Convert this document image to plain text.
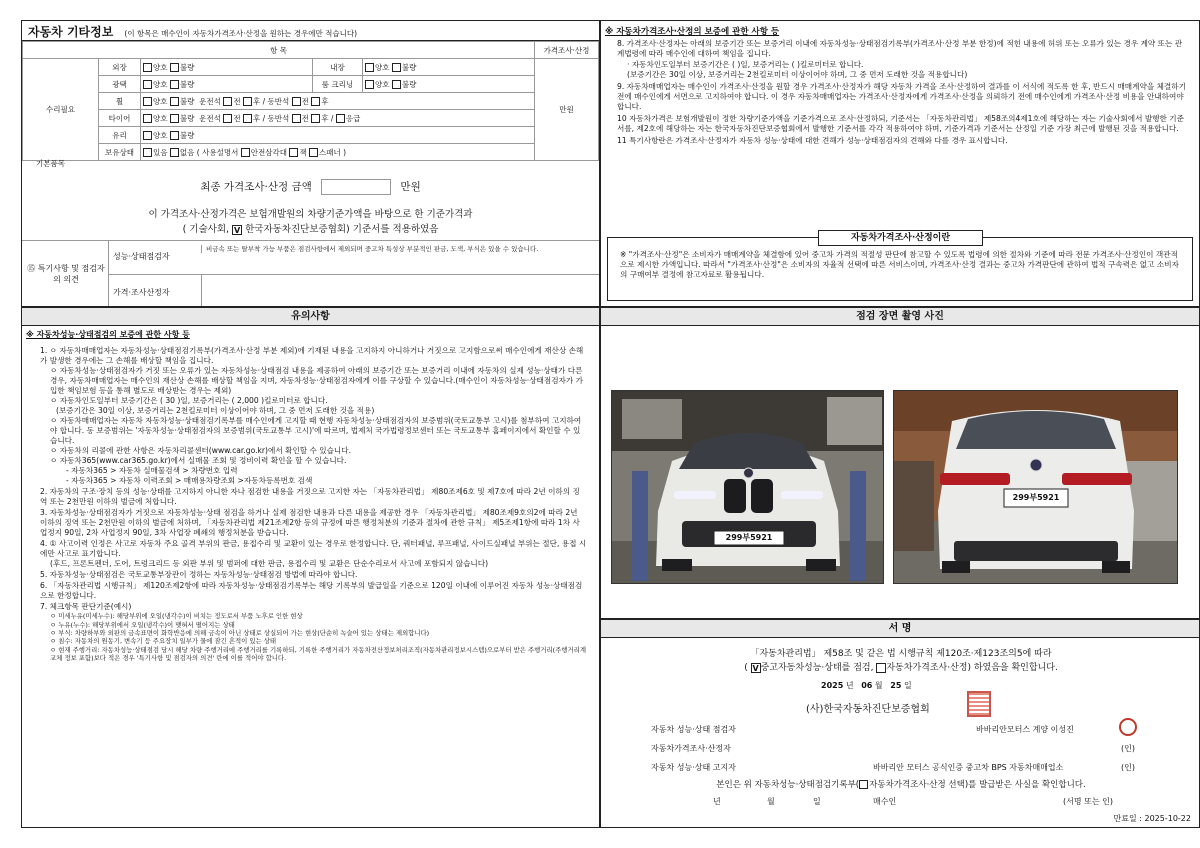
자동차 기타정보 (이 항목은 매수인이 자동차가격조사·산정을 원하는 경우에만 적습니다)
항 목					가격조사·산정
수리필요	외장	양호 불량	내장	양호 불량	만원
	광택	양호 불량	룸 크리닝	양호 불량	
	휠	양호 불량 운전석 전 후 / 동반석 전 후			
	타이어	양호 불량 운전석 전 후 / 동반석 전 후 / 응급			
	유리	양호 불량			
	보유상태	있음 없음 ( 사용설명서 안전삼각대 잭 스패너 )			
기본품목
최종 가격조사·산정 금액	만원
이 가격조사·산정가격은 보험개발원의 차량기준가액을 바탕으로 한 기준가격과
( 기술사회, V 한국자동차진단보증협회) 기준서를 적용하였음
⑮ 특기사항 및 점검자의 의견
성능·상태점검자
비금속 또는 탈부착 가능 부품은 점검사항에서 제외되며 중고차 특성상 부분적인 판금, 도색, 부식은 있을 수 있습니다.
가격·조사산정자
※ 자동차가격조사·산정의 보증에 관한 사항 등
8. 가격조사·산정자는 아래의 보증기간 또는 보증거리 이내에 자동차성능·상태점검기록부(가격조사·산정 부분 한정)에 적힌 내용에 허위 또는 오류가 있는 경우 계약 또는 관계법령에 따라 매수인에 대하여 책임을 집니다.
· 자동차인도일부터 보증기간은 ( )일, 보증거리는 ( )킬로미터로 합니다.
(보증기간은 30일 이상, 보증거리는 2천킬로미터 이상이어야 하며, 그 중 먼저 도래한 것을 적용합니다)
9. 자동차매매업자는 매수인이 가격조사·산정을 원할 경우 가격조사·산정자가 해당 자동차 가격을 조사·산정하여 결과를 이 서식에 적도록 한 후, 반드시 매매계약을 체결하기 전에 매수인에게 서면으로 고지하여야 합니다. 이 경우 자동차매매업자는 가격조사·산정자에게 가격조사·산정을 의뢰하기 전에 매수인에게 가격조사·산정 비용을 안내하여야 합니다.
10 자동차가격은 보험개발원이 정한 차량기준가액을 기준가격으로 조사·산정하되, 기준서는 「자동차관리법」 제58조의4제1호에 해당하는 자는 기술사회에서 발행한 기준서를, 제2호에 해당하는 자는 한국자동차진단보증협회에서 발행한 기준서를 각각 적용하여야 하며, 기준가격과 기준서는 산정일 기준 가장 최근에 발행된 것을 적용합니다.
11 특기사항란은 가격조사·산정자가 자동차 성능·상태에 대한 견해가 성능·상태점검자의 견해와 다를 경우 표시합니다.
자동차가격조사·산정이란
※ "가격조사·산정"은 소비자가 매매계약을 체결함에 있어 중고차 가격의 적절성 판단에 참고할 수 있도록 법령에 의한 절차와 기준에 따라 전문 가격조사·산정인이 객관적으로 제시한 가액입니다. 따라서 "가격조사·산정"은 소비자의 자율적 선택에 따른 서비스이며, 가격조사·산정 결과는 중고차 가격판단에 관하여 법적 구속력은 없고 소비자의 구매여부 결정에 참고자료로 활용됩니다.
유의사항
※ 자동차성능·상태점검의 보증에 관한 사항 등
1. ㅇ 자동차매매업자는 자동차성능·상태점검기록부(가격조사·산정 부분 제외)에 기재된 내용을 고지하지 아니하거나 거짓으로 고지함으로써 매수인에게 재산상 손해가 발생한 경우에는 그 손해를 배상할 책임을 집니다.
ㅇ 자동차성능·상태점검자가 거짓 또는 오류가 있는 자동차성능·상태점검 내용을 제공하여 아래의 보증기간 또는 보증거리 이내에 자동차의 실제 성능·상태가 다른 경우, 자동차매매업자는 매수인의 재산상 손해를 배상할 책임을 지며, 자동차성능·상태점검자에게 이를 구상할 수 있습니다.(매수인이 자동차성능·상태점검자가 가입한 책임보험 등을 통해 별도로 배상받는 경우는 제외)
ㅇ 자동차인도일부터 보증기간은 ( 30 )일, 보증거리는 ( 2,000 )킬로미터로 합니다.
(보증기간은 30일 이상, 보증거리는 2천킬로미터 이상이어야 하며, 그 중 먼저 도래한 것을 적용)
ㅇ 자동차매매업자는 자동차 자동차성능·상태점검기록부를 매수인에게 고지할 때 현행 자동차성능·상태점검자의 보증범위(국토교통부 고시)를 첨부하여 고지하여야 합니다. 동 보증범위는 '자동차성능·상태점검자의 보증범위(국토교통부 고시)'에 따르며, 법제처 국가법령정보센터 또는 국토교통부 홈페이지에서 확인할 수 있습니다.
ㅇ 자동차의 리콜에 관한 사항은 자동차리콜센터(www.car.go.kr)에서 확인할 수 있습니다.
ㅇ 자동차365(www.car365.go.kr)에서 실매물 조회 및 정비이력 확인을 할 수 있습니다.
- 자동차365 > 자동차 실매물검색 > 차량번호 입력
- 자동차365 > 자동차 이력조회 > 매매용차량조회 >자동차등록번호 검색
2. 자동차의 구조·장치 등의 성능·상태를 고지하지 아니한 자나 점검한 내용을 거짓으로 고지한 자는 「자동차관리법」 제80조제6호 및 제7호에 따라 2년 이하의 징역 또는 2천만원 이하의 벌금에 처합니다.
3. 자동차성능·상태점검자가 거짓으로 자동차성능·상태 점검을 하거나 실제 점검한 내용과 다른 내용을 제공한 경우 「자동차관리법」 제80조제9호의2에 따라 2년 이하의 징역 또는 2천만원 이하의 벌금에 처하며, 「자동차관리법 제21조제2항 등의 규정에 따른 행정처분의 기준과 절차에 관한 규칙」 제5조제1항에 따라 1차 사업정지 90일, 2차 사업정지 90일, 3차 사업장 폐쇄의 행정처분을 받습니다.
4. ① 사고이력 인정은 사고로 자동차 주요 골격 부위의 판금, 용접수리 및 교환이 있는 경우로 한정합니다. 단, 쿼터패널, 루프패널, 사이드실패널 부위는 절단, 용접 시에만 사고로 표기합니다.
(후드, 프론트펜더, 도어, 트렁크리드 등 외판 부위 및 범퍼에 대한 판금, 용접수리 및 교환은 단순수리로서 사고에 포함되지 않습니다)
5. 자동차성능·상태점검은 국토교통부장관이 정하는 자동차성능·상태점검 방법에 따라야 합니다.
6. 「자동차관리법 시행규칙」 제120조제2항에 따라 자동차성능·상태점검기록부는 해당 기록부의 발급일을 기준으로 120일 이내에 이루어진 자동차 성능·상태점검으로 한정합니다.
7. 체크항목 판단기준(예시)
ㅇ 미세누유(미세누수): 해당부위에 오일(냉각수)이 비치는 정도로서 부품 노후로 인한 현상
ㅇ 누유(누수): 해당부위에서 오일(냉각수)이 맺혀서 떨어지는 상태
ㅇ 부식: 차량하부와 외판의 금속표면이 화학반응에 의해 금속이 아닌 상태로 상실되어 가는 현상(단순히 녹슬어 있는 상태는 제외합니다)
ㅇ 침수: 자동차의 원동기, 변속기 등 주요장치 일부가 물에 잠긴 흔적이 있는 상태
ㅇ 현재 주행거리: 자동차성능·상태점검 당시 해당 차량 주행거리에 주행거리를 기록하되, 기록한 주행거리가 자동차전산정보처리조직(자동차관리정보시스템)으로부터 받은 주행거리(주행거리계 교체 정보 포함)보다 적은 경우 '특기사항 및 점검자의 의견' 란에 이를 적어야 합니다.
점검 장면 촬영 사진
299부5921
299부5921
서 명
「자동차관리법」 제58조 및 같은 법 시행규칙 제120조·제123조의5에 따라
( V 중고자동차성능·상태를 점검, 자동차가격조사·산정) 하였음을 확인합니다.
2025 년 06 월 25 일
(사)한국자동차진단보증협회
자동차 성능·상태 점검자	바바리안모터스 계양 이성진
자동차가격조사·산정자	(인)
자동차 성능·상태 고지자	바바리안 모터스 공식인증 중고차 BPS 자동차매매업소	(인)
본인은 위 자동차성능·상태점검기록부( 자동차가격조사·산정 선택)를 발급받은 사실을 확인합니다.
년	월	일	매수인	(서명 또는 인)
만료일 : 2025-10-22
